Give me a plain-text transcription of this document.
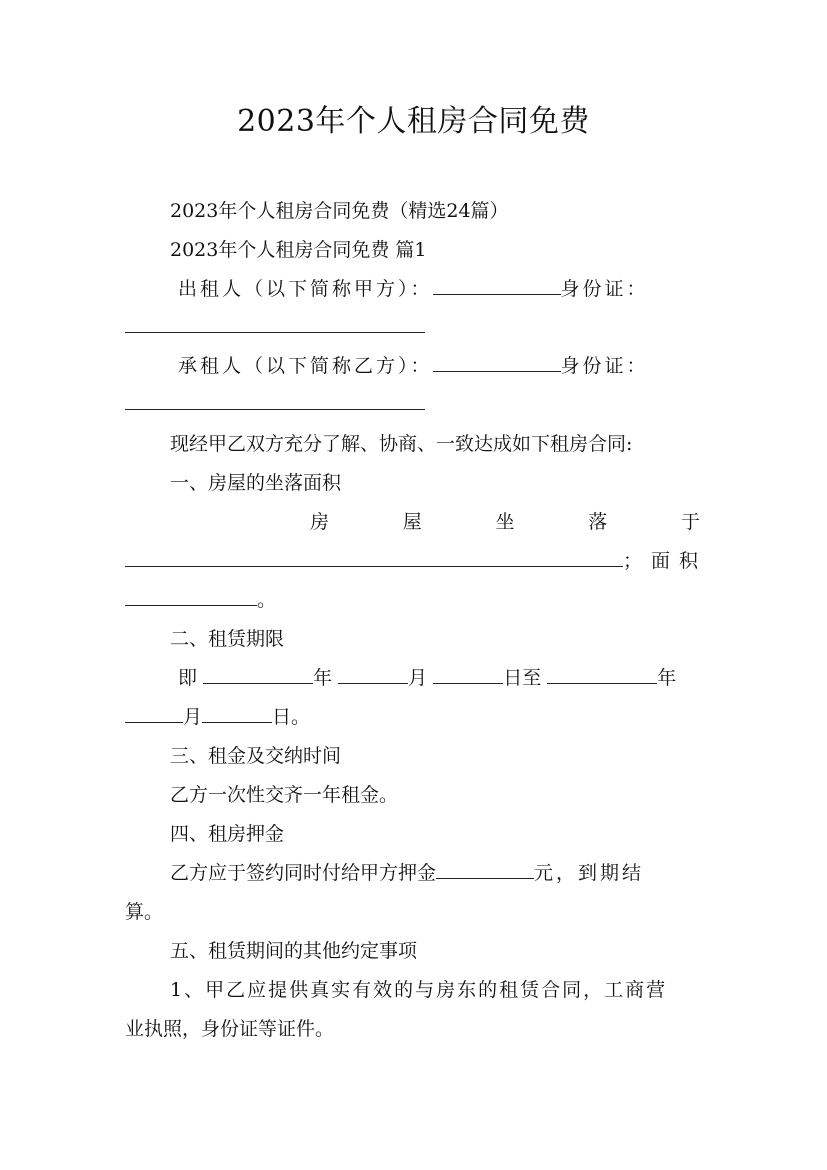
2023年个人租房合同免费
2023年个人租房合同免费（精选24篇）
2023年个人租房合同免费 篇1
出租人（以下简称甲方）：	身份证：
承租人（以下简称乙方）：	身份证：
现经甲乙双方充分了解、协商、一致达成如下租房合同:
一、房屋的坐落面积
房	屋	坐	落	于
；面积
。
二、租赁期限
即	年	月	日至	年
月	日。
三、租金及交纳时间
乙方一次性交齐一年租金。
四、租房押金
乙方应于签约同时付给甲方押金	元，到期结
算。
五、租赁期间的其他约定事项
1、甲乙应提供真实有效的与房东的租赁合同，工商营
业执照，身份证等证件。
